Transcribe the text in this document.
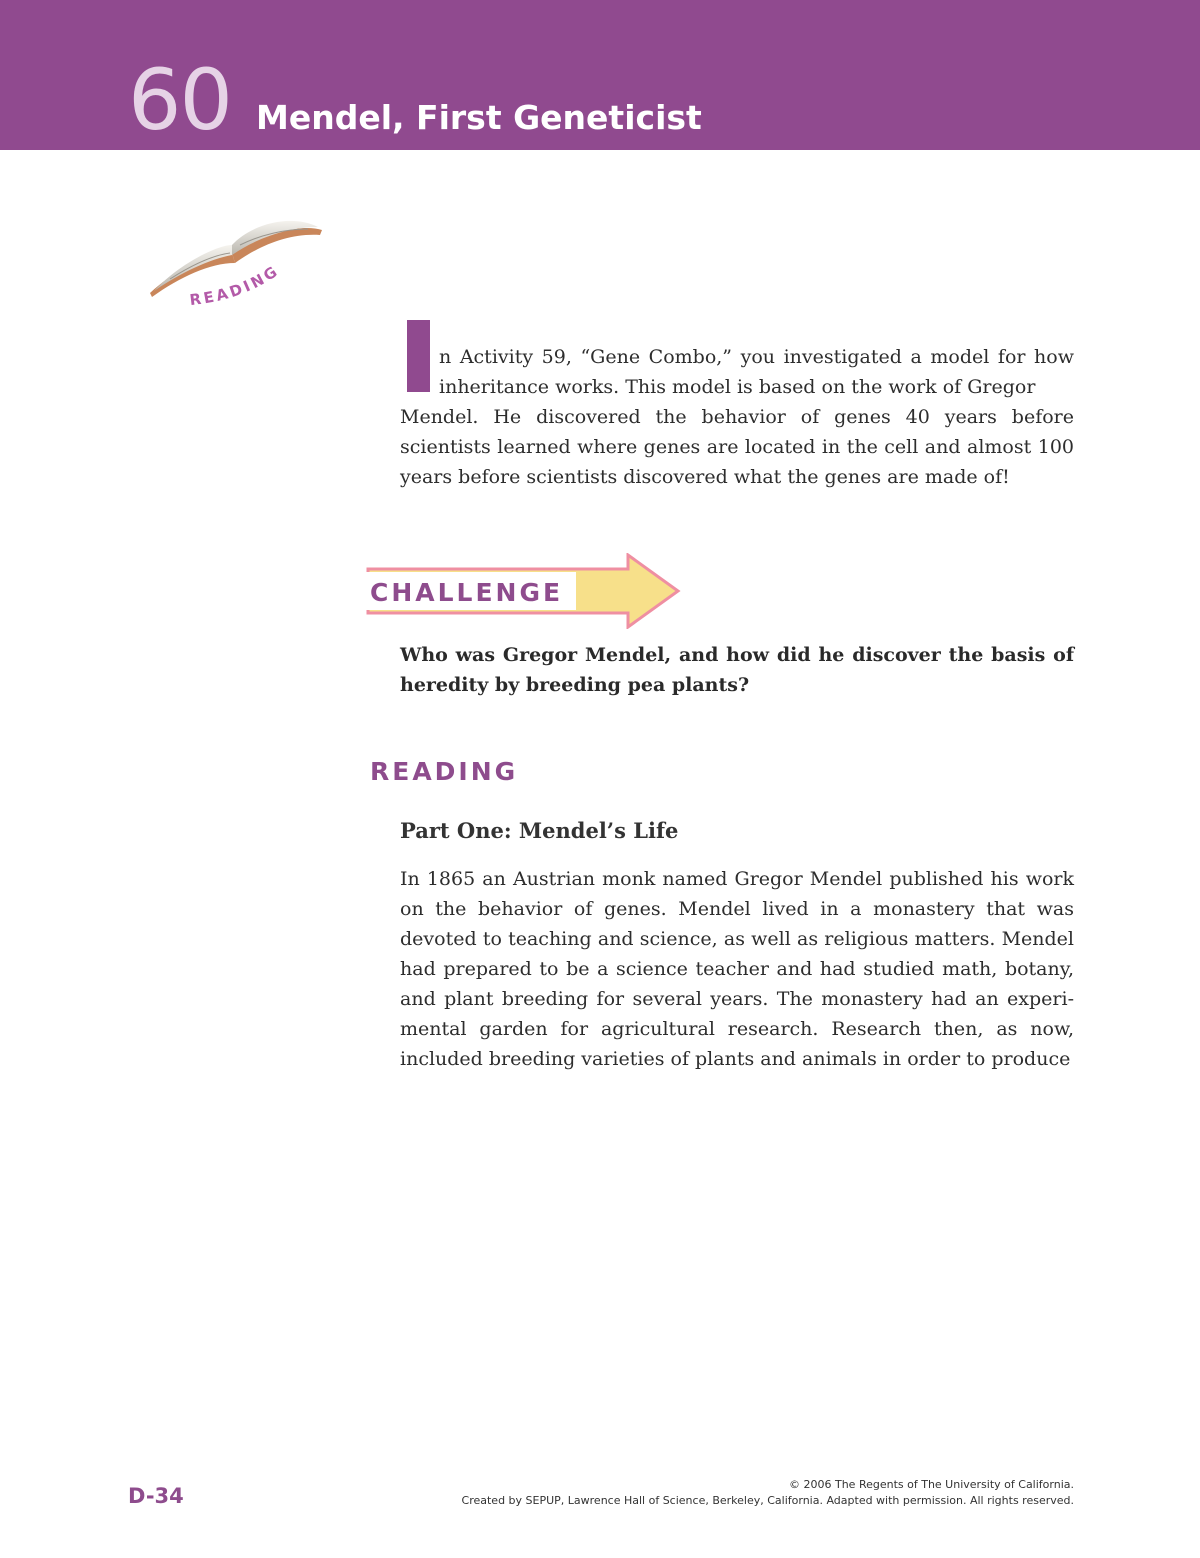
60 Mendel, First Geneticist
READING
n Activity 59, “Gene Combo,” you investigated a model for how inheritance works. This model is based on the work of Gregor
Mendel. He discovered the behavior of genes 40 years before scientists learned where genes are located in the cell and almost 100 years before scientists discovered what the genes are made of!
CHALLENGE
Who was Gregor Mendel, and how did he discover the basis of heredity by breeding pea plants?
READING
Part One: Mendel’s Life
In 1865 an Austrian monk named Gregor Mendel published his work on the behavior of genes. Mendel lived in a monastery that was devoted to teaching and science, as well as religious matters. Mendel had prepared to be a science teacher and had studied math, botany, and plant breeding for several years. The monastery had an experimental garden for agricultural research. Research then, as now, included breeding varieties of plants and animals in order to produce
D-34	© 2006 The Regents of The University of California.
Created by SEPUP, Lawrence Hall of Science, Berkeley, California. Adapted with permission. All rights reserved.
